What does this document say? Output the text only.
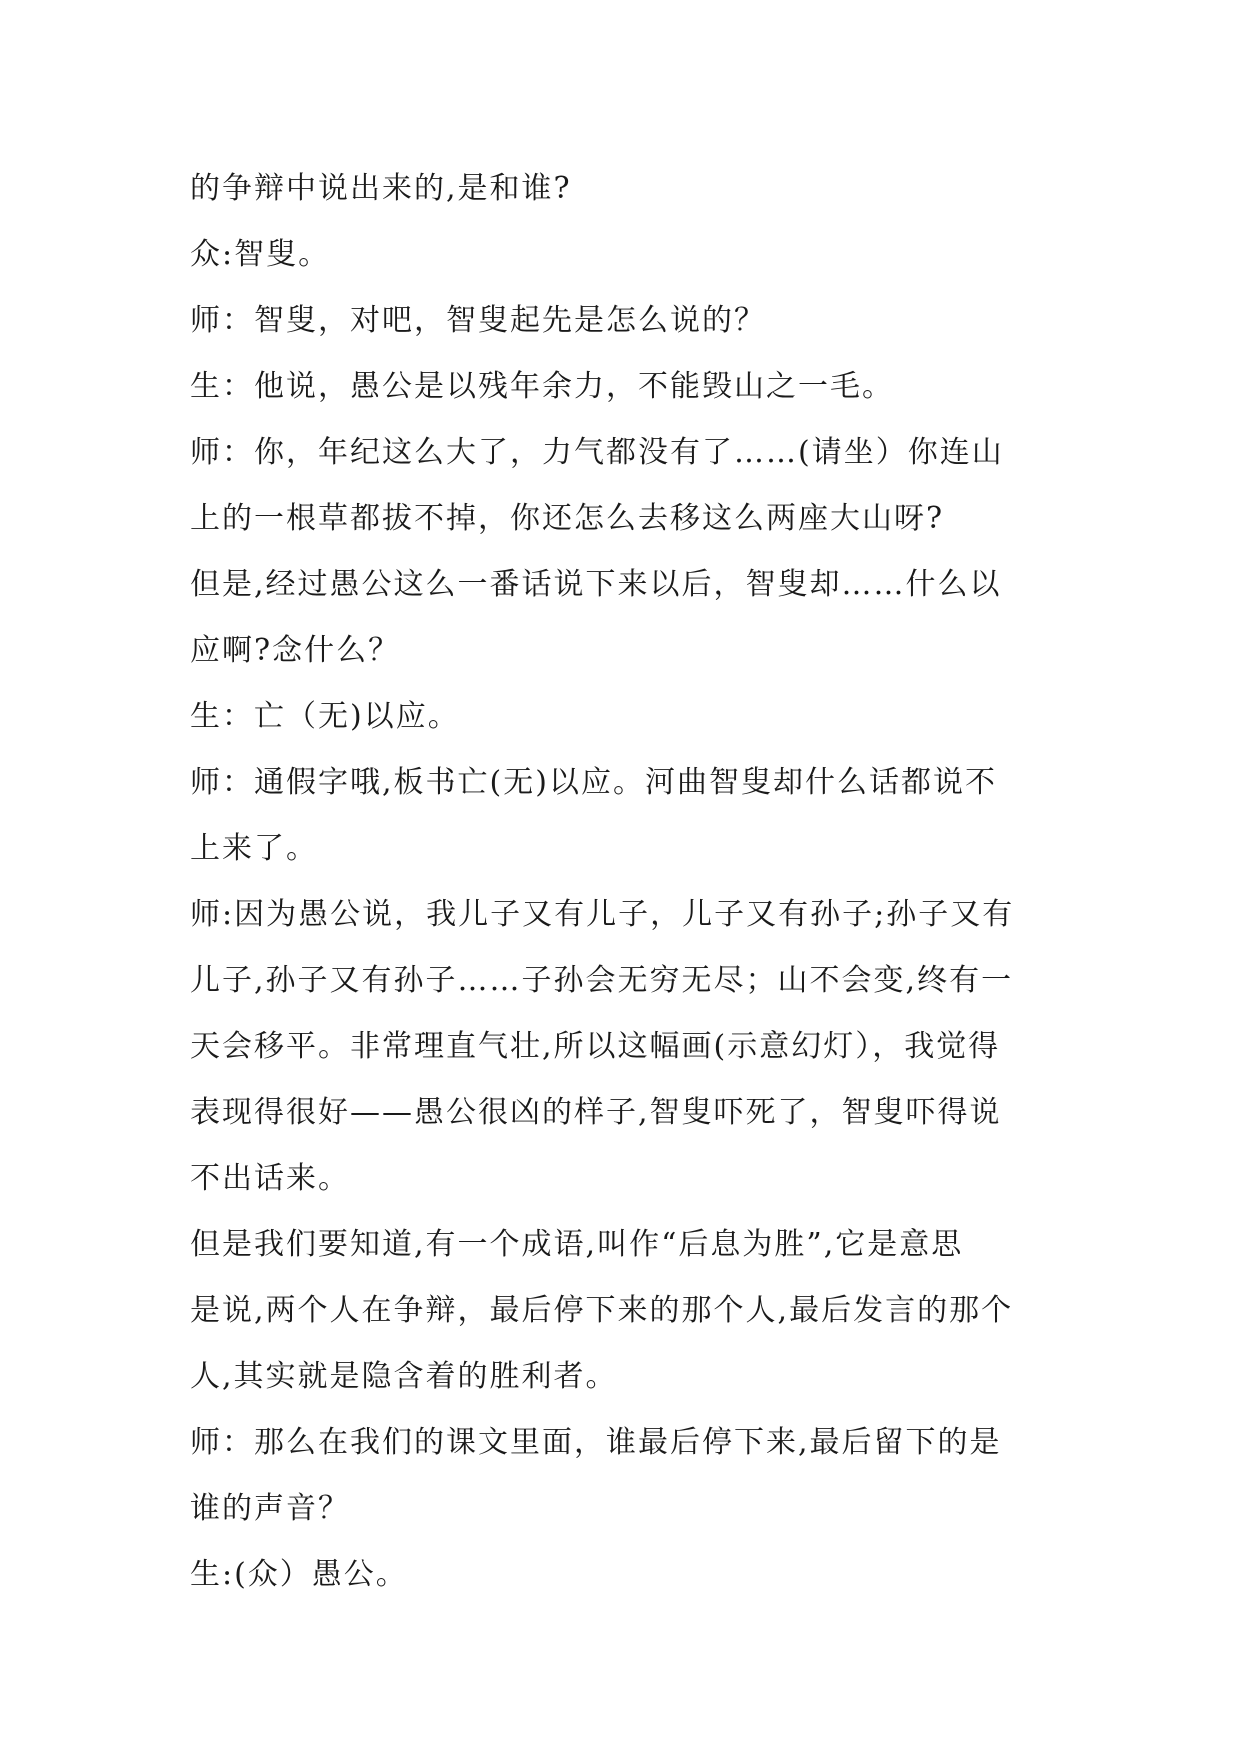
的争辩中说出来的,是和谁?
众:智叟。
师：智叟，对吧，智叟起先是怎么说的？
生：他说，愚公是以残年余力，不能毁山之一毛。
师：你，年纪这么大了，力气都没有了……(请坐）你连山
上的一根草都拔不掉，你还怎么去移这么两座大山呀?
但是,经过愚公这么一番话说下来以后，智叟却……什么以
应啊?念什么？
生：亡（无)以应。
师：通假字哦,板书亡(无)以应。河曲智叟却什么话都说不
上来了。
师:因为愚公说，我儿子又有儿子，儿子又有孙子;孙子又有
儿子,孙子又有孙子……子孙会无穷无尽；山不会变,终有一
天会移平。非常理直气壮,所以这幅画(示意幻灯），我觉得
表现得很好——愚公很凶的样子,智叟吓死了，智叟吓得说
不出话来。
但是我们要知道,有一个成语,叫作“后息为胜”,它是意思
是说,两个人在争辩，最后停下来的那个人,最后发言的那个
人,其实就是隐含着的胜利者。
师：那么在我们的课文里面，谁最后停下来,最后留下的是
谁的声音？
生:(众）愚公。
